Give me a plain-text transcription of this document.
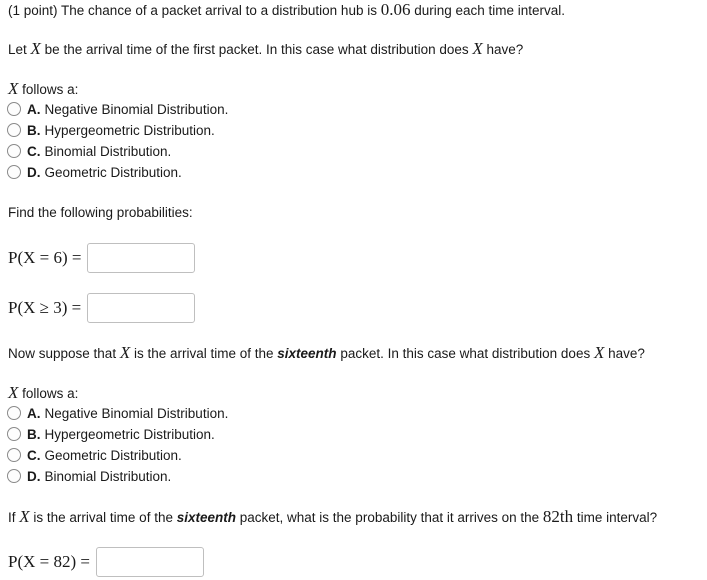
(1 point) The chance of a packet arrival to a distribution hub is 0.06 during each time interval.
Let X be the arrival time of the first packet. In this case what distribution does X have?
X follows a:
A. Negative Binomial Distribution.
B. Hypergeometric Distribution.
C. Binomial Distribution.
D. Geometric Distribution.
Find the following probabilities:
P(X = 6) =
P(X ≥ 3) =
Now suppose that X is the arrival time of the sixteenth packet. In this case what distribution does X have?
X follows a:
A. Negative Binomial Distribution.
B. Hypergeometric Distribution.
C. Geometric Distribution.
D. Binomial Distribution.
If X is the arrival time of the sixteenth packet, what is the probability that it arrives on the 82th time interval?
P(X = 82) =
